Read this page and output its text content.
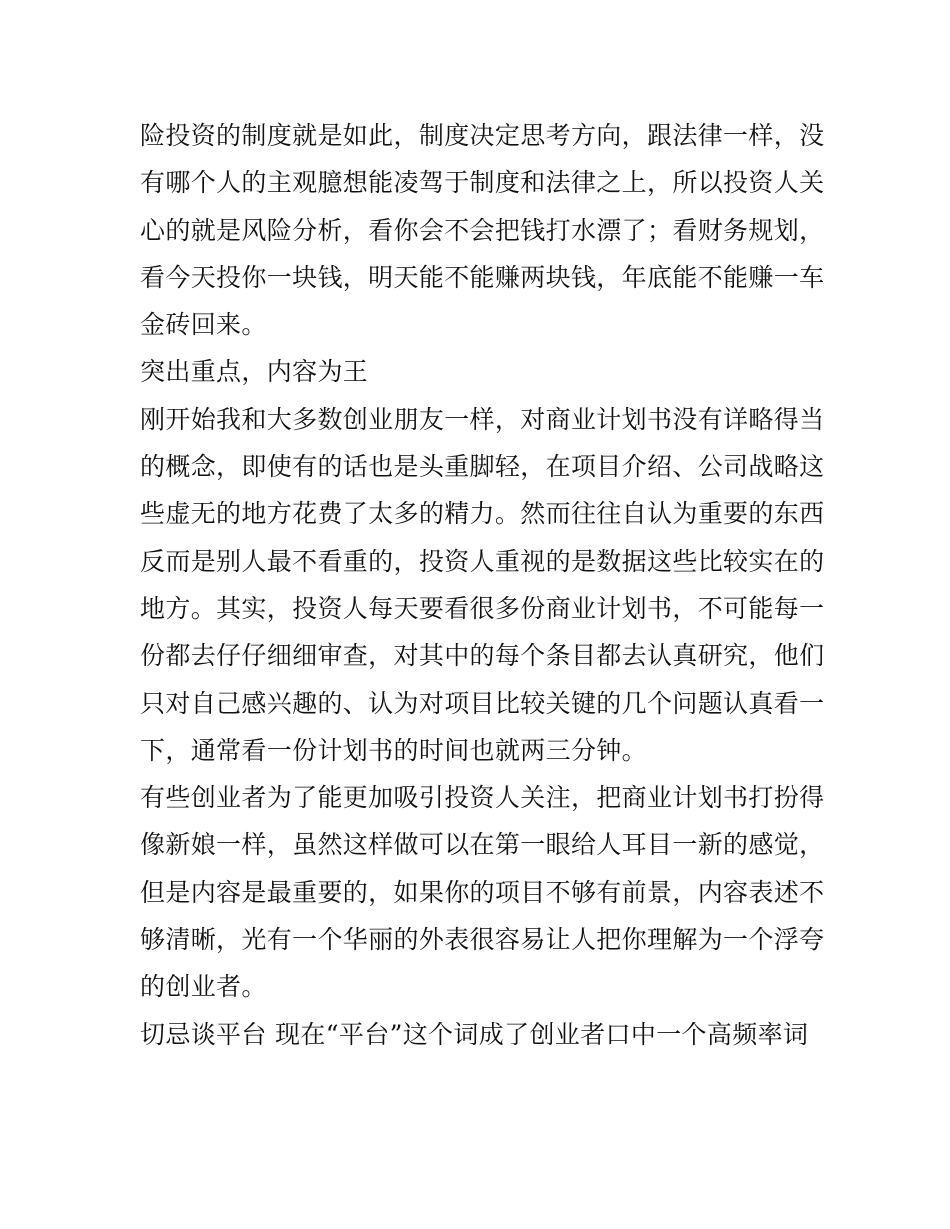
险投资的制度就是如此，制度决定思考方向，跟法律一样，没
有哪个人的主观臆想能凌驾于制度和法律之上，所以投资人关
心的就是风险分析，看你会不会把钱打水漂了；看财务规划，
看今天投你一块钱，明天能不能赚两块钱，年底能不能赚一车
金砖回来。
突出重点，内容为王
刚开始我和大多数创业朋友一样，对商业计划书没有详略得当
的概念，即使有的话也是头重脚轻，在项目介绍、公司战略这
些虚无的地方花费了太多的精力。然而往往自认为重要的东西
反而是别人最不看重的，投资人重视的是数据这些比较实在的
地方。其实，投资人每天要看很多份商业计划书，不可能每一
份都去仔仔细细审查，对其中的每个条目都去认真研究，他们
只对自己感兴趣的、认为对项目比较关键的几个问题认真看一
下，通常看一份计划书的时间也就两三分钟。
有些创业者为了能更加吸引投资人关注，把商业计划书打扮得
像新娘一样，虽然这样做可以在第一眼给人耳目一新的感觉，
但是内容是最重要的，如果你的项目不够有前景，内容表述不
够清晰，光有一个华丽的外表很容易让人把你理解为一个浮夸
的创业者。
切忌谈平台 现在“平台”这个词成了创业者口中一个高频率词
